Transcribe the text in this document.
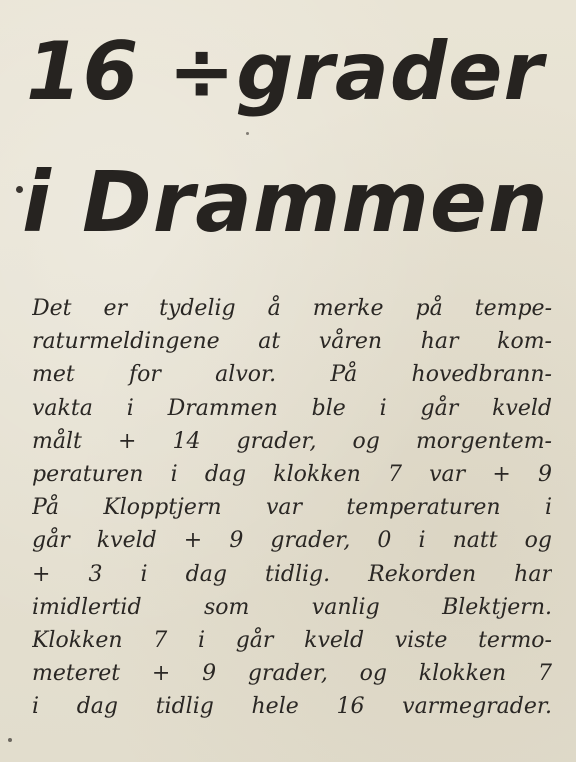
16 ÷grader
i Drammen
Det er tydelig å merke på tempe-
raturmeldingene at våren har kom-
met for alvor. På hovedbrann-
vakta i Drammen ble i går kveld
målt + 14 grader, og morgentem-
peraturen i dag klokken 7 var + 9
På Klopptjern var temperaturen i
går kveld + 9 grader, 0 i natt og
+ 3 i dag tidlig. Rekorden har
imidlertid som vanlig Blektjern.
Klokken 7 i går kveld viste termo-
meteret + 9 grader, og klokken 7
i dag tidlig hele 16 varmegrader.
